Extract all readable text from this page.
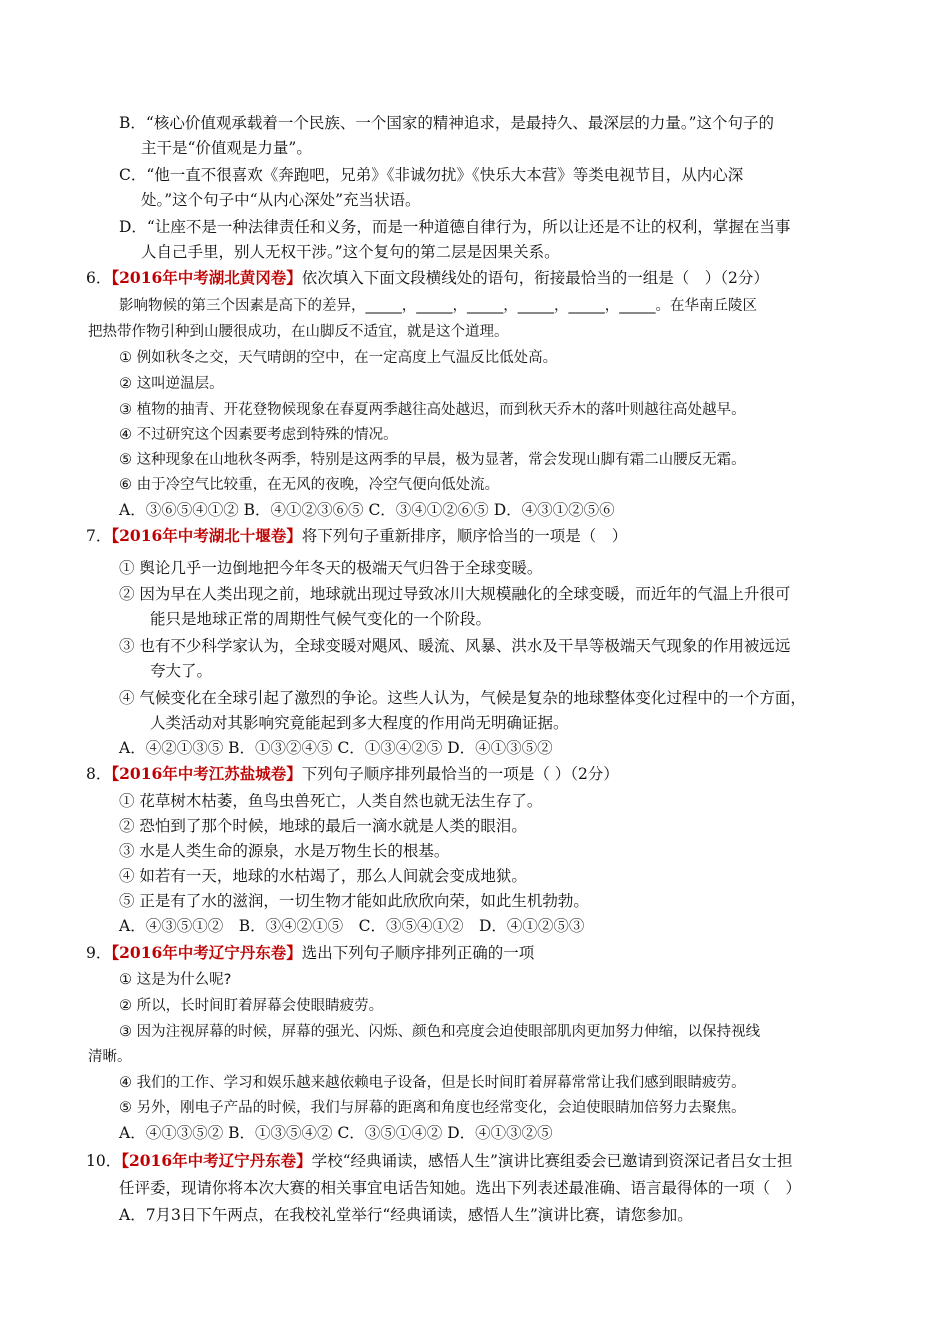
B．“核心价值观承载着一个民族、一个国家的精神追求，是最持久、最深层的力量。”这个句子的
主干是“价值观是力量”。
C．“他一直不很喜欢《奔跑吧，兄弟》《非诚勿扰》《快乐大本营》等类电视节目，从内心深
处。”这个句子中“从内心深处”充当状语。
D．“让座不是一种法律责任和义务，而是一种道德自律行为，所以让还是不让的权利，掌握在当事
人自己手里，别人无权干涉。”这个复句的第二层是因果关系。
6．【2016年中考湖北黄冈卷】依次填入下面文段横线处的语句，衔接最恰当的一组是（　）（2分）
影响物候的第三个因素是高下的差异，_____，_____，_____，_____，_____，_____。在华南丘陵区
把热带作物引种到山腰很成功，在山脚反不适宜，就是这个道理。
① 例如秋冬之交，天气晴朗的空中，在一定高度上气温反比低处高。
② 这叫逆温层。
③ 植物的抽青、开花登物候现象在春夏两季越往高处越迟，而到秋天乔木的落叶则越往高处越早。
④ 不过研究这个因素要考虑到特殊的情况。
⑤ 这种现象在山地秋冬两季，特别是这两季的早晨，极为显著，常会发现山脚有霜二山腰反无霜。
⑥ 由于冷空气比较重，在无风的夜晚，冷空气便向低处流。
A．③⑥⑤④①② B．④①②③⑥⑤ C．③④①②⑥⑤ D．④③①②⑤⑥
7．【2016年中考湖北十堰卷】将下列句子重新排序，顺序恰当的一项是（　）
① 舆论几乎一边倒地把今年冬天的极端天气归咎于全球变暖。
② 因为早在人类出现之前，地球就出现过导致冰川大规模融化的全球变暖，而近年的气温上升很可
能只是地球正常的周期性气候气变化的一个阶段。
③ 也有不少科学家认为，全球变暖对飓风、暖流、风暴、洪水及干旱等极端天气现象的作用被远远
夸大了。
④ 气候变化在全球引起了激烈的争论。这些人认为，气候是复杂的地球整体变化过程中的一个方面，
人类活动对其影响究竟能起到多大程度的作用尚无明确证据。
A．④②①③⑤ B．①③②④⑤ C．①③④②⑤ D．④①③⑤②
8．【2016年中考江苏盐城卷】下列句子顺序排列最恰当的一项是（ ）（2分）
① 花草树木枯萎，鱼鸟虫兽死亡，人类自然也就无法生存了。
② 恐怕到了那个时候，地球的最后一滴水就是人类的眼泪。
③ 水是人类生命的源泉，水是万物生长的根基。
④ 如若有一天，地球的水枯竭了，那么人间就会变成地狱。
⑤ 正是有了水的滋润，一切生物才能如此欣欣向荣，如此生机勃勃。
A．④③⑤①②　B．③④②①⑤　C．③⑤④①②　D．④①②⑤③
9．【2016年中考辽宁丹东卷】选出下列句子顺序排列正确的一项
① 这是为什么呢?
② 所以，长时间盯着屏幕会使眼睛疲劳。
③ 因为注视屏幕的时候，屏幕的强光、闪烁、颜色和亮度会迫使眼部肌肉更加努力伸缩，以保持视线
清晰。
④ 我们的工作、学习和娱乐越来越依赖电子设备，但是长时间盯着屏幕常常让我们感到眼睛疲劳。
⑤ 另外，刚电子产品的时候，我们与屏幕的距离和角度也经常变化，会迫使眼睛加倍努力去聚焦。
A．④①③⑤② B．①③⑤④② C．③⑤①④② D．④①③②⑤
10．【2016年中考辽宁丹东卷】学校“经典诵读，感悟人生”演讲比赛组委会已邀请到资深记者吕女士担
任评委，现请你将本次大赛的相关事宜电话告知她。选出下列表述最准确、语言最得体的一项（　）
A．7月3日下午两点，在我校礼堂举行“经典诵读，感悟人生”演讲比赛，请您参加。
